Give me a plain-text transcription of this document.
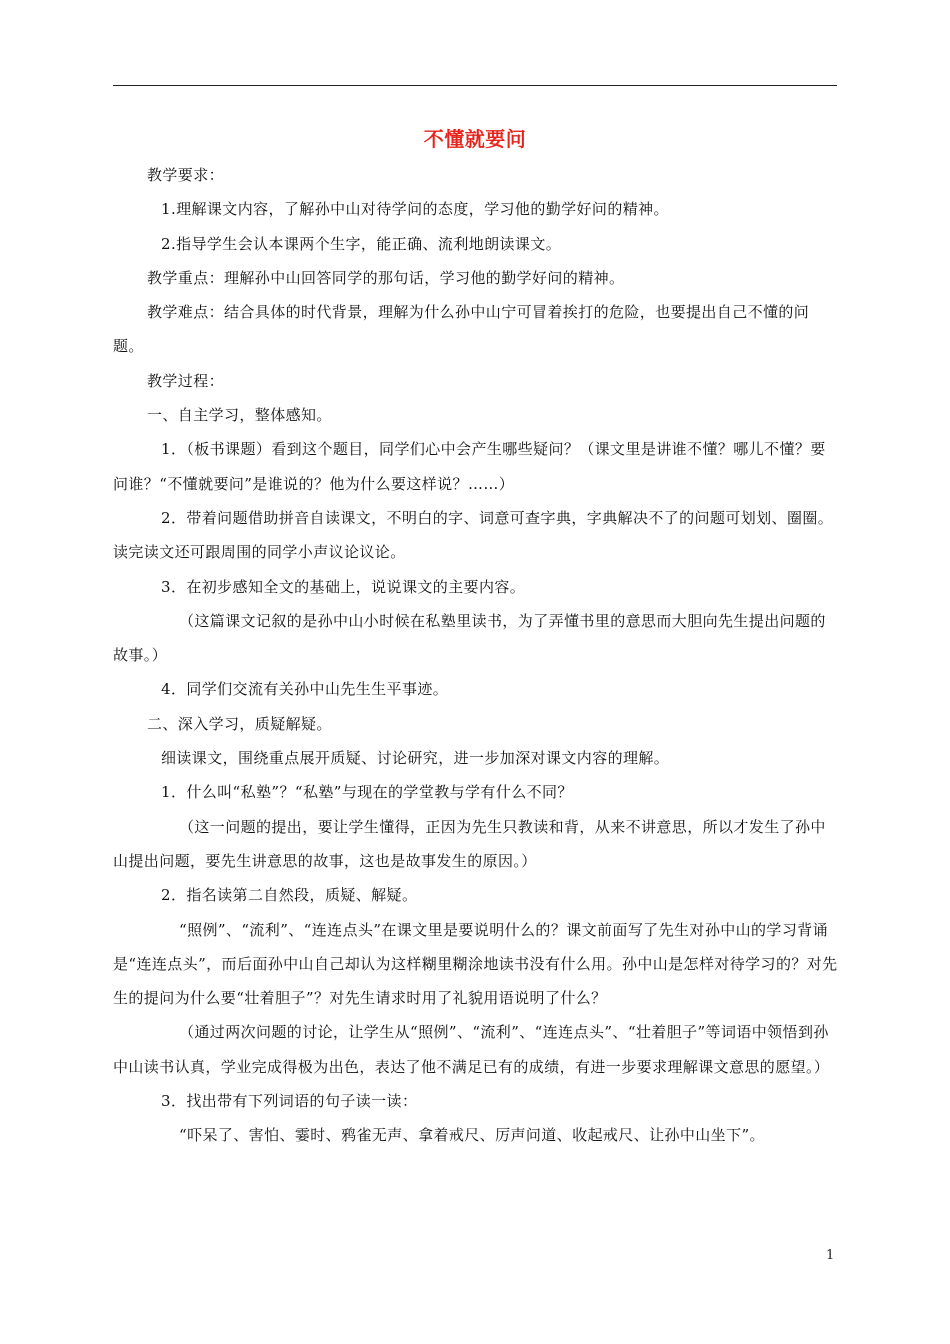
不懂就要问

教学要求：

1.理解课文内容，了解孙中山对待学问的态度，学习他的勤学好问的精神。

2.指导学生会认本课两个生字，能正确、流利地朗读课文。

教学重点：理解孙中山回答同学的那句话，学习他的勤学好问的精神。

教学难点：结合具体的时代背景，理解为什么孙中山宁可冒着挨打的危险，也要提出自己不懂的问题。

教学过程：

一、自主学习，整体感知。

1．（板书课题）看到这个题目，同学们心中会产生哪些疑问？（课文里是讲谁不懂？哪儿不懂？要问谁？“不懂就要问”是谁说的？他为什么要这样说？……）

2．带着问题借助拼音自读课文，不明白的字、词意可查字典，字典解决不了的问题可划划、圈圈。读完读文还可跟周围的同学小声议论议论。

3．在初步感知全文的基础上，说说课文的主要内容。

（这篇课文记叙的是孙中山小时候在私塾里读书，为了弄懂书里的意思而大胆向先生提出问题的故事。）

4．同学们交流有关孙中山先生生平事迹。

二、深入学习，质疑解疑。

细读课文，围绕重点展开质疑、讨论研究，进一步加深对课文内容的理解。

1．什么叫“私塾”？“私塾”与现在的学堂教与学有什么不同？

（这一问题的提出，要让学生懂得，正因为先生只教读和背，从来不讲意思，所以才发生了孙中山提出问题，要先生讲意思的故事，这也是故事发生的原因。）

2．指名读第二自然段，质疑、解疑。

“照例”、“流利”、“连连点头”在课文里是要说明什么的？课文前面写了先生对孙中山的学习背诵是“连连点头”，而后面孙中山自己却认为这样糊里糊涂地读书没有什么用。孙中山是怎样对待学习的？对先生的提问为什么要“壮着胆子”？对先生请求时用了礼貌用语说明了什么？

（通过两次问题的讨论，让学生从“照例”、“流利”、“连连点头”、“壮着胆子”等词语中领悟到孙中山读书认真，学业完成得极为出色，表达了他不满足已有的成绩，有进一步要求理解课文意思的愿望。）

3．找出带有下列词语的句子读一读：

“吓呆了、害怕、霎时、鸦雀无声、拿着戒尺、厉声问道、收起戒尺、让孙中山坐下”。

1
